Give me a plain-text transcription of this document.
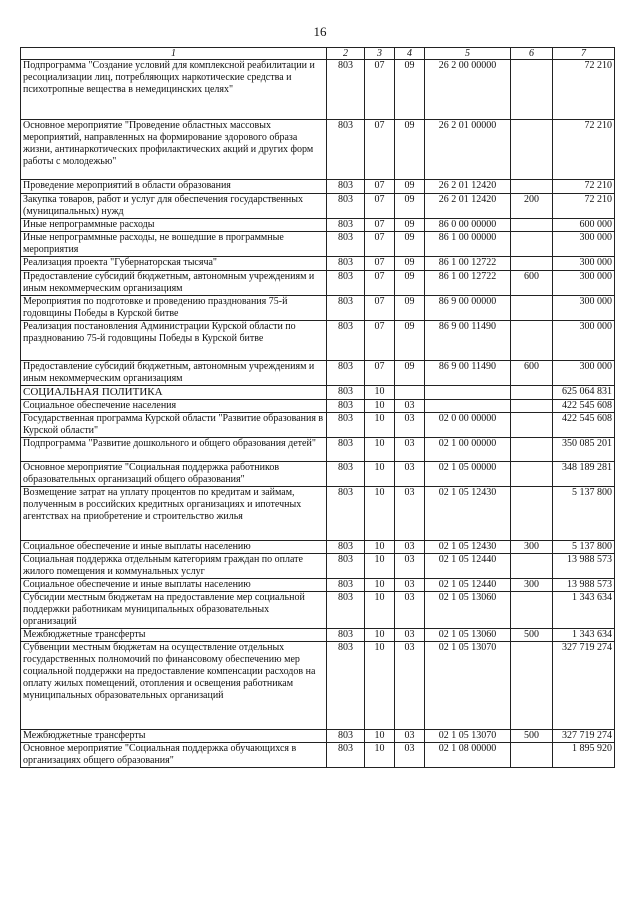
16
1	2	3	4	5	6	7
Подпрограмма "Создание условий для комплексной реабилитации и ресоциализации лиц, потребляющих наркотические средства и психотропные вещества в немедицинских целях"	803	07	09	26 2 00 00000		72 210
Основное мероприятие "Проведение областных массовых мероприятий, направленных на формирование здорового образа жизни, антинаркотических профилактических акций и других форм работы с молодежью"	803	07	09	26 2 01 00000		72 210
Проведение мероприятий в области образования	803	07	09	26 2 01 12420		72 210
Закупка товаров, работ и услуг для обеспечения государственных (муниципальных) нужд	803	07	09	26 2 01 12420	200	72 210
Иные непрограммные расходы	803	07	09	86 0 00 00000		600 000
Иные непрограммные расходы, не вошедшие в программные мероприятия	803	07	09	86 1 00 00000		300 000
Реализация проекта "Губернаторская тысяча"	803	07	09	86 1 00 12722		300 000
Предоставление субсидий бюджетным, автономным учреждениям и иным некоммерческим организациям	803	07	09	86 1 00 12722	600	300 000
Мероприятия по подготовке и проведению празднования 75-й годовщины Победы в Курской битве	803	07	09	86 9 00 00000		300 000
Реализация постановления Администрации Курской области по празднованию 75-й годовщины Победы в Курской битве	803	07	09	86 9 00 11490		300 000
Предоставление субсидий бюджетным, автономным учреждениям и иным некоммерческим организациям	803	07	09	86 9 00 11490	600	300 000
СОЦИАЛЬНАЯ ПОЛИТИКА	803	10				625 064 831
Социальное обеспечение населения	803	10	03			422 545 608
Государственная программа Курской области "Развитие образования в Курской области"	803	10	03	02 0 00 00000		422 545 608
Подпрограмма "Развитие дошкольного и общего образования детей"	803	10	03	02 1 00 00000		350 085 201
Основное мероприятие "Социальная поддержка работников образовательных организаций общего образования"	803	10	03	02 1 05 00000		348 189 281
Возмещение затрат на уплату процентов по кредитам и займам, полученным в российских кредитных организациях и ипотечных агентствах на приобретение и строительство жилья	803	10	03	02 1 05 12430		5 137 800
Социальное обеспечение и иные выплаты населению	803	10	03	02 1 05 12430	300	5 137 800
Социальная поддержка отдельным категориям граждан по оплате жилого помещения и коммунальных услуг	803	10	03	02 1 05 12440		13 988 573
Социальное обеспечение и иные выплаты населению	803	10	03	02 1 05 12440	300	13 988 573
Субсидии местным бюджетам на предоставление мер социальной поддержки работникам муниципальных образовательных организаций	803	10	03	02 1 05 13060		1 343 634
Межбюджетные трансферты	803	10	03	02 1 05 13060	500	1 343 634
Субвенции местным бюджетам на осуществление отдельных государственных полномочий по финансовому обеспечению мер социальной поддержки на предоставление компенсации расходов на оплату жилых помещений, отопления и освещения работникам муниципальных образовательных организаций	803	10	03	02 1 05 13070		327 719 274
Межбюджетные трансферты	803	10	03	02 1 05 13070	500	327 719 274
Основное мероприятие "Социальная поддержка обучающихся в организациях общего образования"	803	10	03	02 1 08 00000		1 895 920
